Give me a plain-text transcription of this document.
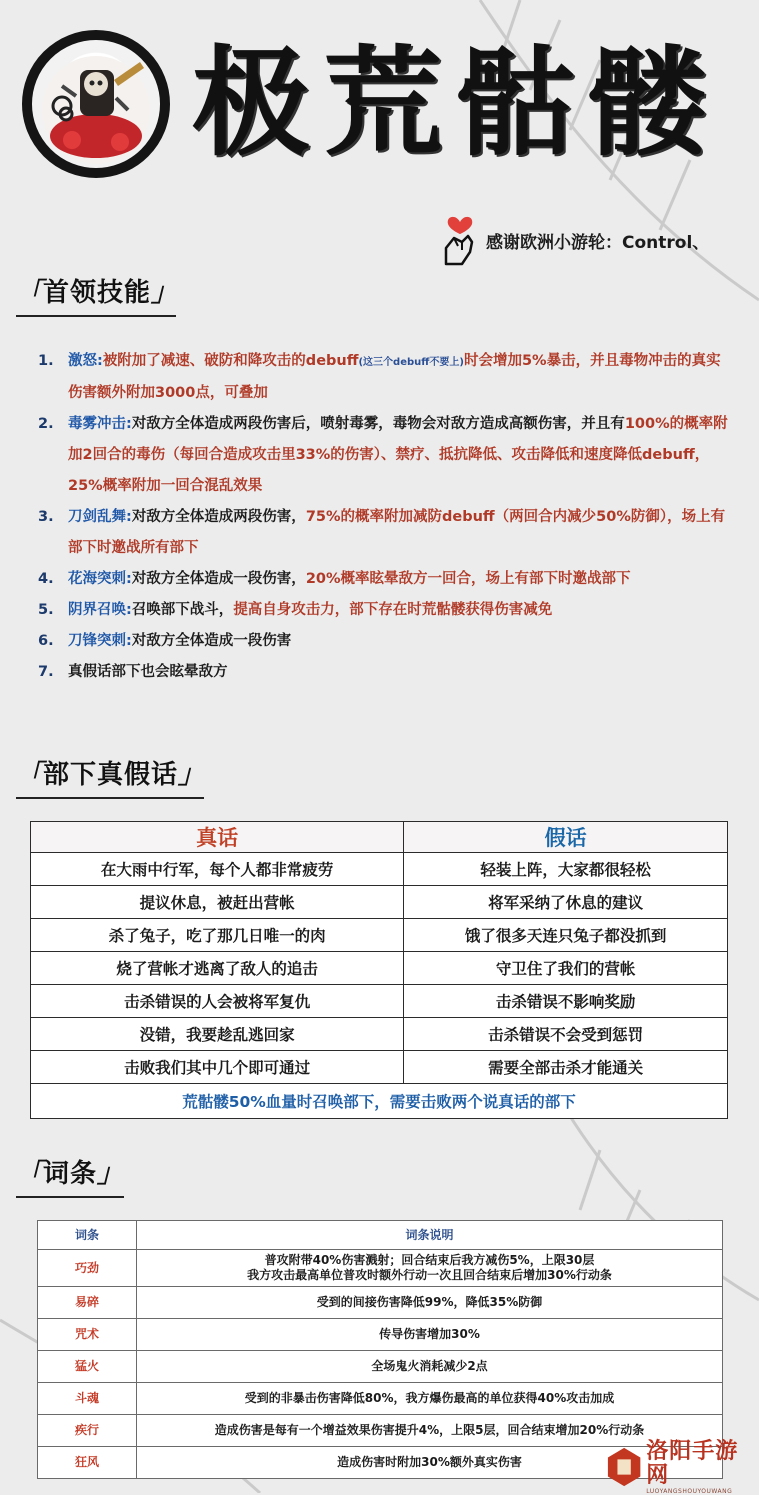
极荒骷髅
感谢欧洲小游轮：Control、
「首领技能」
1. 激怒:被附加了减速、破防和降攻击的debuff(这三个debuff不要上)时会增加5%暴击，并且毒物冲击的真实伤害额外附加3000点，可叠加
2. 毒雾冲击:对敌方全体造成两段伤害后，喷射毒雾，毒物会对敌方造成高额伤害，并且有100%的概率附加2回合的毒伤（每回合造成攻击里33%的伤害）、禁疗、抵抗降低、攻击降低和速度降低debuff，25%概率附加一回合混乱效果
3. 刀剑乱舞:对敌方全体造成两段伤害，75%的概率附加减防debuff（两回合内减少50%防御），场上有部下时邀战所有部下
4. 花海突刺:对敌方全体造成一段伤害，20%概率眩晕敌方一回合，场上有部下时邀战部下
5. 阴界召唤:召唤部下战斗，提高自身攻击力，部下存在时荒骷髅获得伤害减免
6. 刀锋突刺:对敌方全体造成一段伤害
7. 真假话部下也会眩晕敌方
「部下真假话」
真话	假话
在大雨中行军，每个人都非常疲劳	轻装上阵，大家都很轻松
提议休息，被赶出营帐	将军采纳了休息的建议
杀了兔子，吃了那几日唯一的肉	饿了很多天连只兔子都没抓到
烧了营帐才逃离了敌人的追击	守卫住了我们的营帐
击杀错误的人会被将军复仇	击杀错误不影响奖励
没错，我要趁乱逃回家	击杀错误不会受到惩罚
击败我们其中几个即可通过	需要全部击杀才能通关
荒骷髅50%血量时召唤部下，需要击败两个说真话的部下	
「词条」
词条	词条说明
巧劲	普攻附带40%伤害溅射；回合结束后我方减伤5%，上限30层
我方攻击最高单位普攻时额外行动一次且回合结束后增加30%行动条
易碎	受到的间接伤害降低99%，降低35%防御
咒术	传导伤害增加30%
猛火	全场鬼火消耗减少2点
斗魂	受到的非暴击伤害降低80%，我方爆伤最高的单位获得40%攻击加成
疾行	造成伤害是每有一个增益效果伤害提升4%，上限5层，回合结束增加20%行动条
狂风	造成伤害时附加30%额外真实伤害	洛阳手游网
LUOYANGSHOUYOUWANG
